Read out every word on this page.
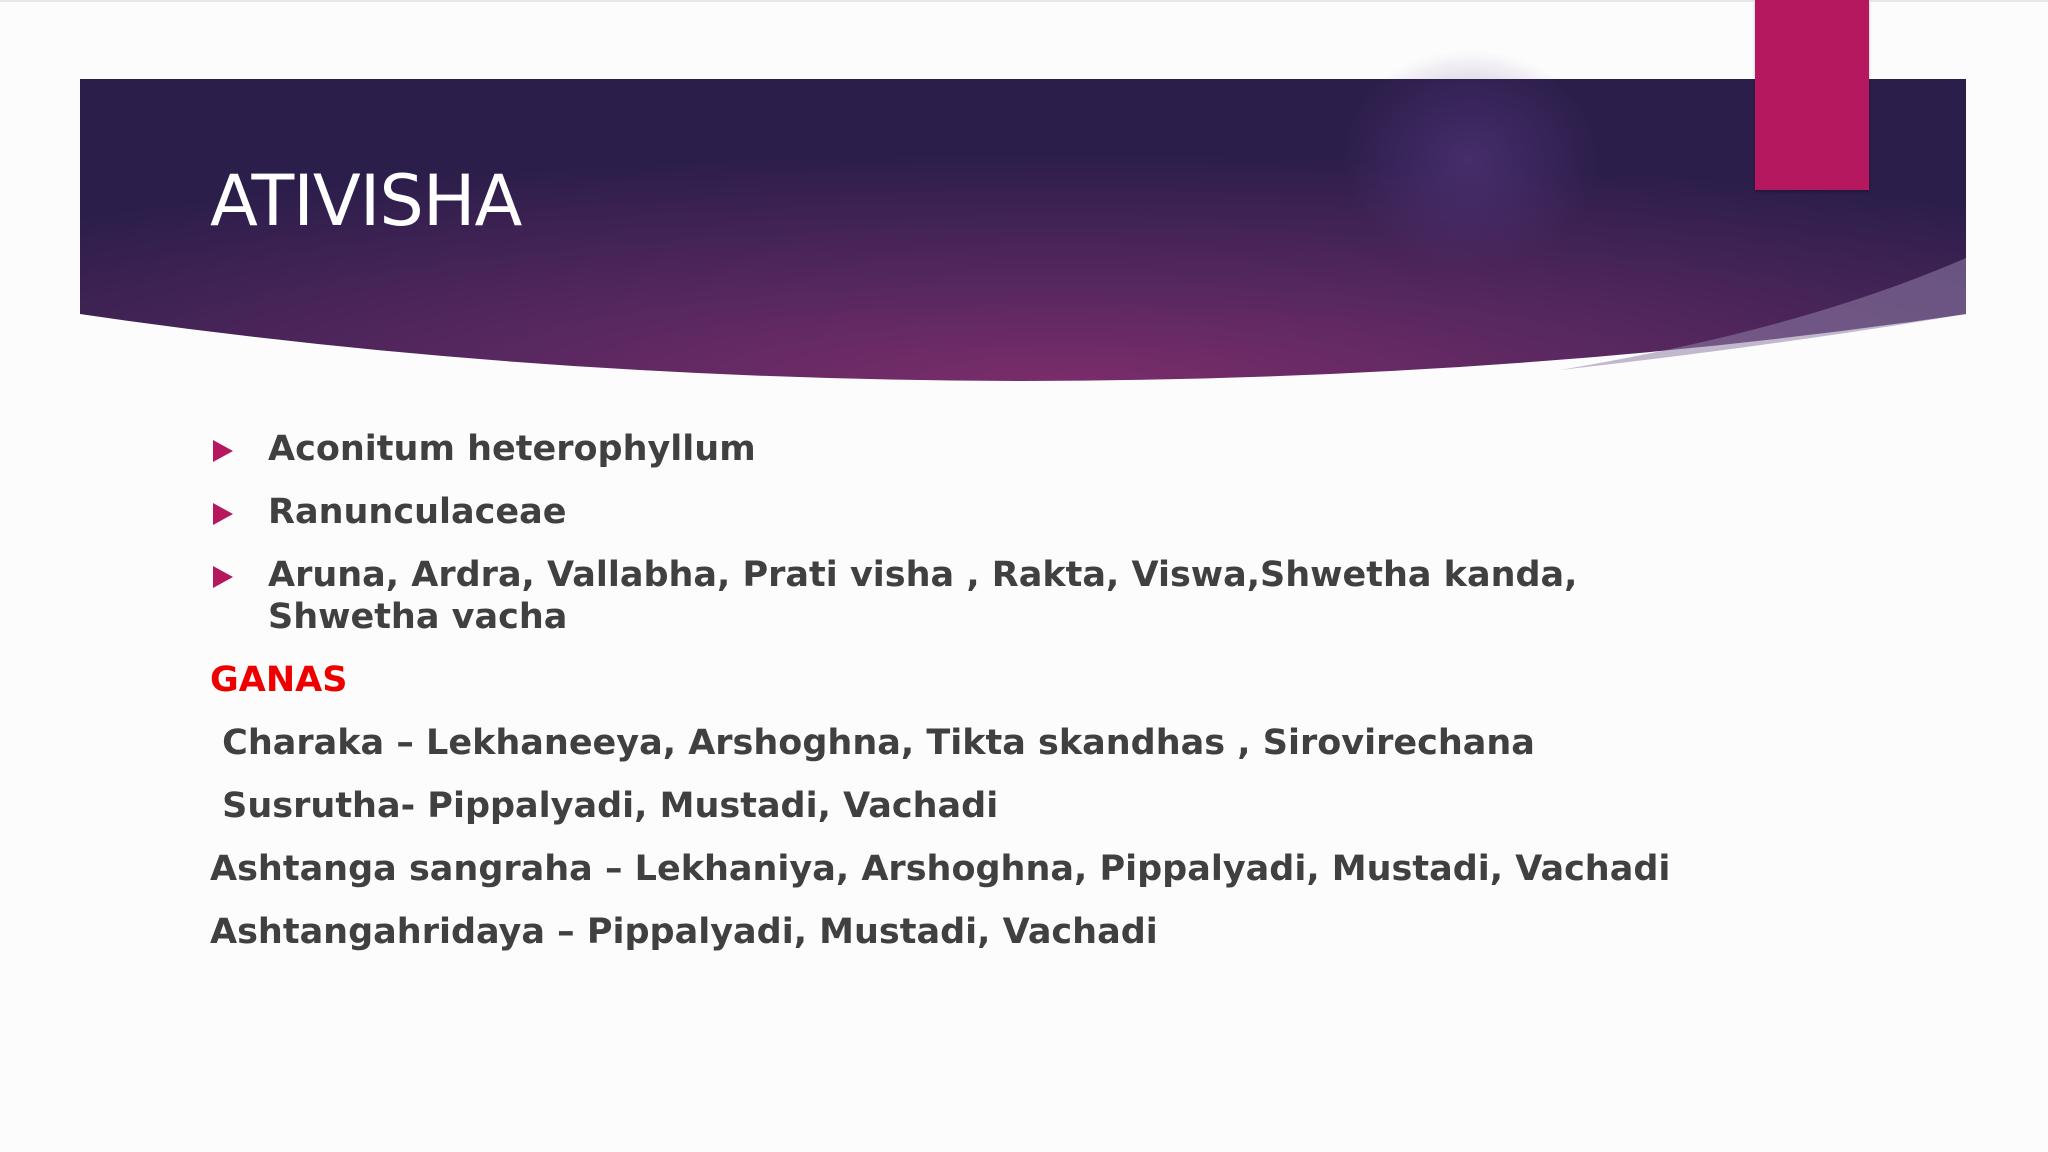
ATIVISHA
Aconitum heterophyllum
Ranunculaceae
Aruna, Ardra, Vallabha, Prati visha , Rakta, Viswa,Shwetha kanda, Shwetha vacha
GANAS
Charaka – Lekhaneeya, Arshoghna, Tikta skandhas , Sirovirechana
Susrutha- Pippalyadi, Mustadi, Vachadi
Ashtanga sangraha – Lekhaniya, Arshoghna, Pippalyadi, Mustadi, Vachadi
Ashtangahridaya – Pippalyadi, Mustadi, Vachadi
